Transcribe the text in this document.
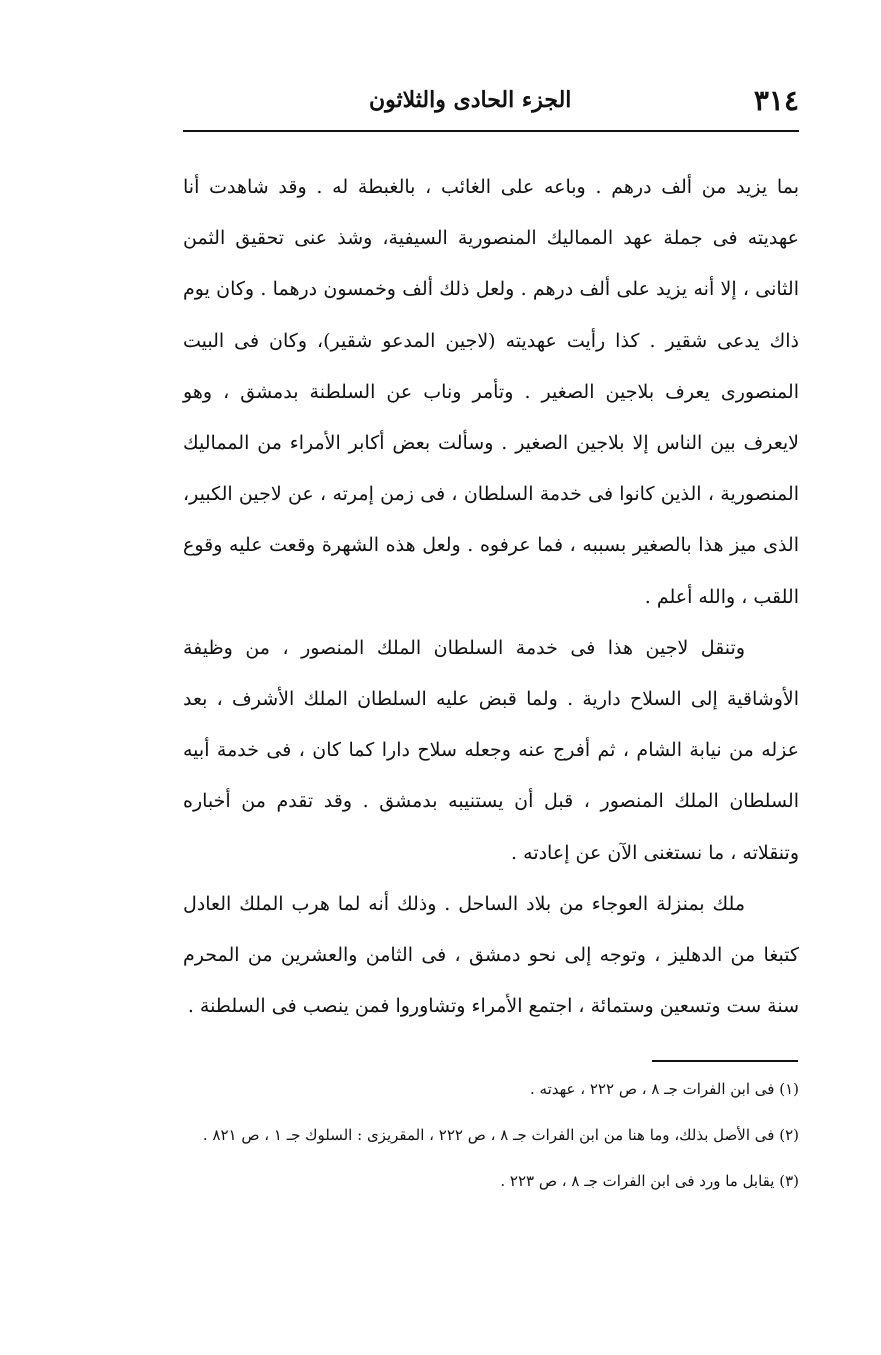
٣١٤
الجزء الحادى والثلاثون

بما يزيد من ألف درهم . وباعه على الغائب ، بالغبطة له . وقد شاهدت أنا عهديته فى جملة عهد المماليك المنصورية السيفية، وشذ عنى تحقيق الثمن الثانى ، إلا أنه يزيد على ألف درهم . ولعل ذلك ألف وخمسون درهما . وكان يوم ذاك يدعى شقير . كذا رأيت عهديته (لاجين المدعو شقير)، وكان فى البيت المنصورى يعرف بلاجين الصغير . وتأمر وناب عن السلطنة بدمشق ، وهو لايعرف بين الناس إلا بلاجين الصغير . وسألت بعض أكابر الأمراء من المماليك المنصورية ، الذين كانوا فى خدمة السلطان ، فى زمن إمرته ، عن لاجين الكبير، الذى ميز هذا بالصغير بسببه ، فما عرفوه . ولعل هذه الشهرة وقعت عليه وقوع اللقب ، والله أعلم .

وتنقل لاجين هذا فى خدمة السلطان الملك المنصور ، من وظيفة الأوشاقية إلى السلاح دارية . ولما قبض عليه السلطان الملك الأشرف ، بعد عزله من نيابة الشام ، ثم أفرج عنه وجعله سلاح دارا كما كان ، فى خدمة أبيه السلطان الملك المنصور ، قبل أن يستنيبه بدمشق . وقد تقدم من أخباره وتنقلاته ، ما نستغنى الآن عن إعادته .

ملك بمنزلة العوجاء من بلاد الساحل . وذلك أنه لما هرب الملك العادل كتبغا من الدهليز ، وتوجه إلى نحو دمشق ، فى الثامن والعشرين من المحرم سنة ست وتسعين وستمائة ، اجتمع الأمراء وتشاوروا فمن ينصب فى السلطنة .

(١) فى ابن الفرات جـ ٨ ، ص ٢٢٢ ، عهدته .

(٢) فى الأصل بذلك، وما هنا من ابن الفرات جـ ٨ ، ص ٢٢٢ ، المقريزى : السلوك جـ ١ ، ص ٨٢١ .

(٣) يقابل ما ورد فى ابن الفرات جـ ٨ ، ص ٢٢٣ .
